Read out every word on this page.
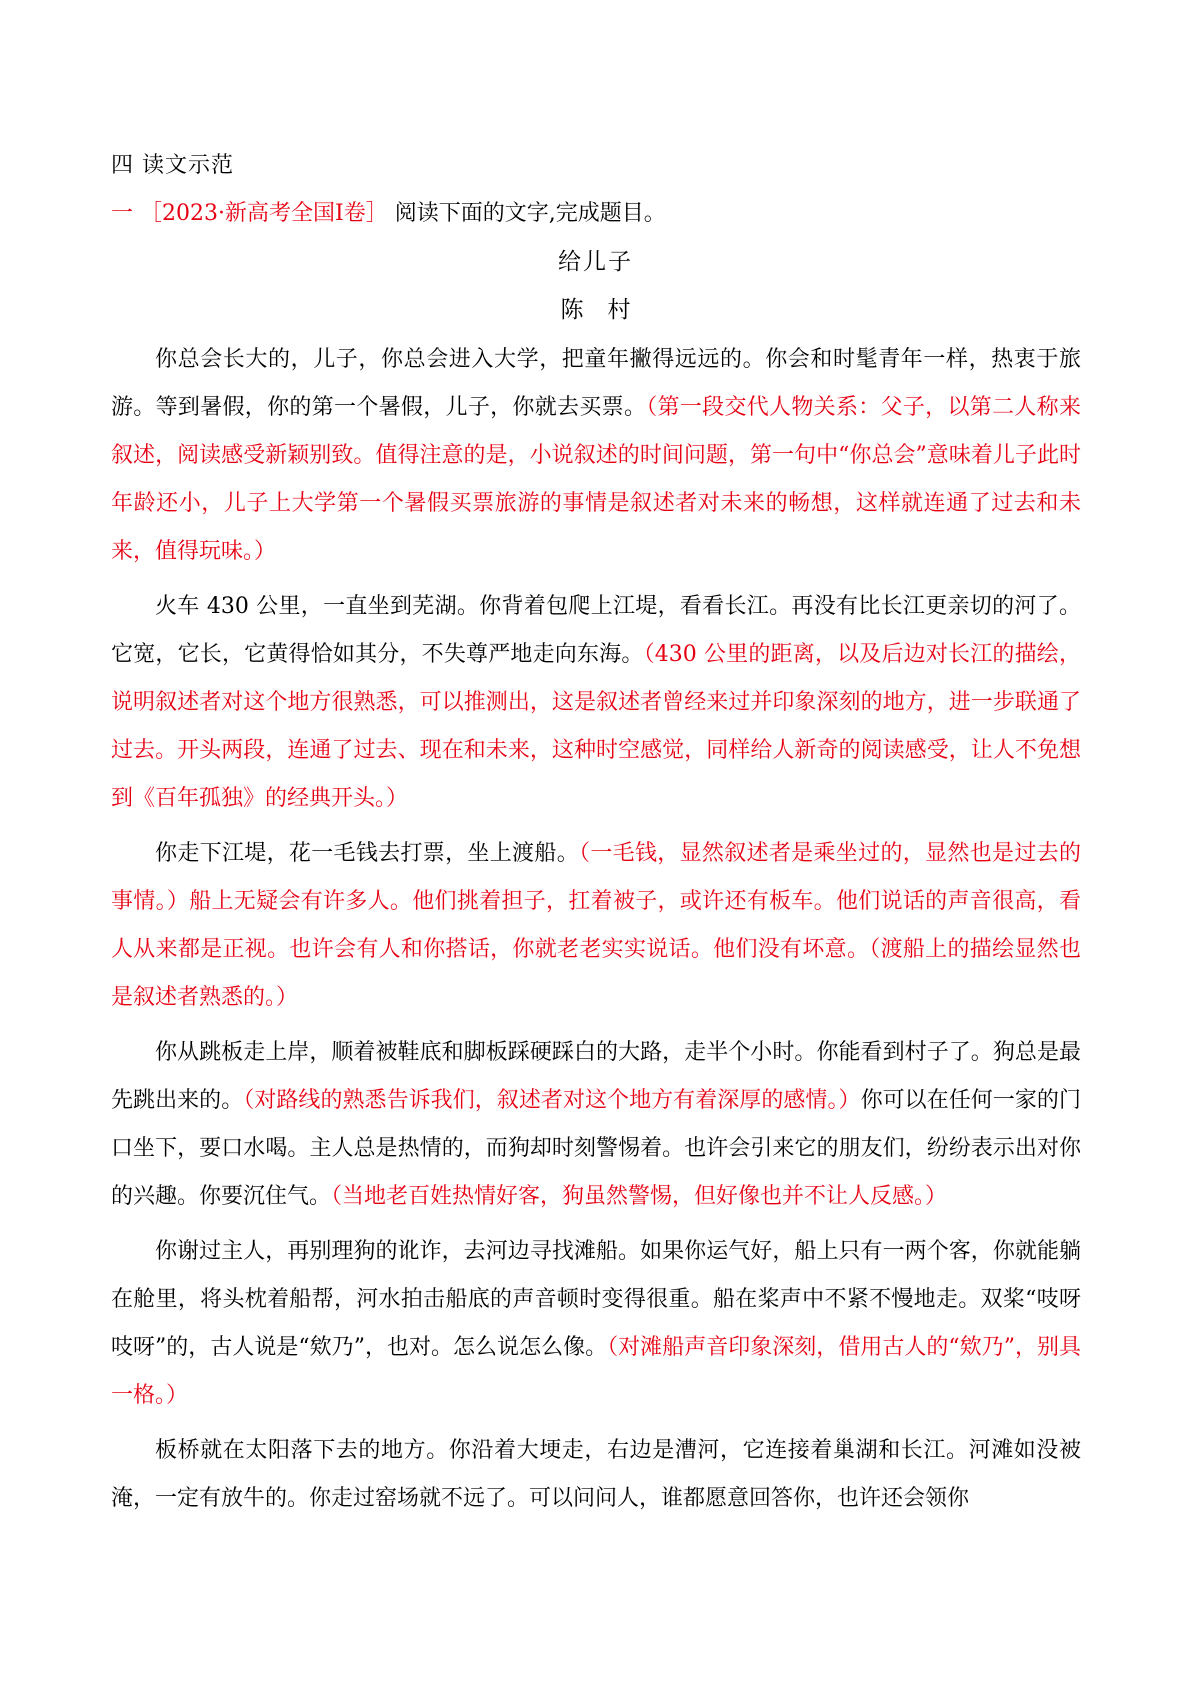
四 读文示范
一 ［2023·新高考全国Ⅰ卷］ 阅读下面的文字,完成题目。
给儿子
陈 村

你总会长大的，儿子，你总会进入大学，把童年撇得远远的。你会和时髦青年一样，热衷于旅游。等到暑假，你的第一个暑假，儿子，你就去买票。（第一段交代人物关系：父子，以第二人称来叙述，阅读感受新颖别致。值得注意的是，小说叙述的时间问题，第一句中“你总会”意味着儿子此时年龄还小，儿子上大学第一个暑假买票旅游的事情是叙述者对未来的畅想，这样就连通了过去和未来，值得玩味。）

火车 430 公里，一直坐到芜湖。你背着包爬上江堤，看看长江。再没有比长江更亲切的河了。它宽，它长，它黄得恰如其分，不失尊严地走向东海。（430 公里的距离，以及后边对长江的描绘，说明叙述者对这个地方很熟悉，可以推测出，这是叙述者曾经来过并印象深刻的地方，进一步联通了过去。开头两段，连通了过去、现在和未来，这种时空感觉，同样给人新奇的阅读感受，让人不免想到《百年孤独》的经典开头。）

你走下江堤，花一毛钱去打票，坐上渡船。（一毛钱，显然叙述者是乘坐过的，显然也是过去的事情。）船上无疑会有许多人。他们挑着担子，扛着被子，或许还有板车。他们说话的声音很高，看人从来都是正视。也许会有人和你搭话，你就老老实实说话。他们没有坏意。（渡船上的描绘显然也是叙述者熟悉的。）

你从跳板走上岸，顺着被鞋底和脚板踩硬踩白的大路，走半个小时。你能看到村子了。狗总是最先跳出来的。（对路线的熟悉告诉我们，叙述者对这个地方有着深厚的感情。）你可以在任何一家的门口坐下，要口水喝。主人总是热情的，而狗却时刻警惕着。也许会引来它的朋友们，纷纷表示出对你的兴趣。你要沉住气。（当地老百姓热情好客，狗虽然警惕，但好像也并不让人反感。）

你谢过主人，再别理狗的讹诈，去河边寻找滩船。如果你运气好，船上只有一两个客，你就能躺在舱里，将头枕着船帮，河水拍击船底的声音顿时变得很重。船在桨声中不紧不慢地走。双桨“吱呀吱呀”的，古人说是“欸乃”，也对。怎么说怎么像。（对滩船声音印象深刻，借用古人的“欸乃”，别具一格。）

板桥就在太阳落下去的地方。你沿着大埂走，右边是漕河，它连接着巢湖和长江。河滩如没被淹，一定有放牛的。你走过窑场就不远了。可以问问人，谁都愿意回答你，也许还会领你
